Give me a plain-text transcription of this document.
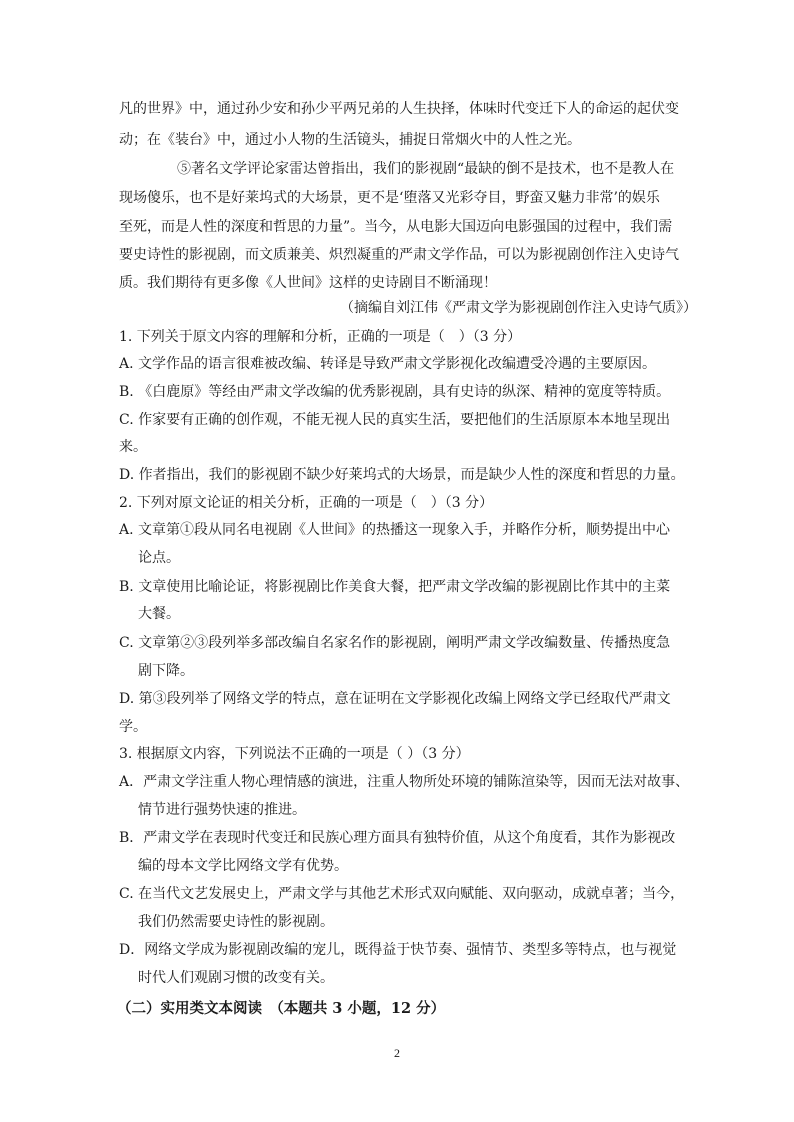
凡的世界》中，通过孙少安和孙少平两兄弟的人生抉择，体味时代变迁下人的命运的起伏变
动；在《装台》中，通过小人物的生活镜头，捕捉日常烟火中的人性之光。
⑤著名文学评论家雷达曾指出，我们的影视剧“最缺的倒不是技术，也不是教人在
现场傻乐，也不是好莱坞式的大场景，更不是‘堕落又光彩夺目，野蛮又魅力非常’的娱乐
至死，而是人性的深度和哲思的力量”。当今，从电影大国迈向电影强国的过程中，我们需
要史诗性的影视剧，而文质兼美、炽烈凝重的严肃文学作品，可以为影视剧创作注入史诗气
质。我们期待有更多像《人世间》这样的史诗剧目不断涌现！
（摘编自刘江伟《严肃文学为影视剧创作注入史诗气质》）
1. 下列关于原文内容的理解和分析，正确的一项是（　）（3 分）
A. 文学作品的语言很难被改编、转译是导致严肃文学影视化改编遭受冷遇的主要原因。
B. 《白鹿原》等经由严肃文学改编的优秀影视剧，具有史诗的纵深、精神的宽度等特质。
C. 作家要有正确的创作观，不能无视人民的真实生活，要把他们的生活原原本本地呈现出
来。
D. 作者指出，我们的影视剧不缺少好莱坞式的大场景，而是缺少人性的深度和哲思的力量。
2. 下列对原文论证的相关分析，正确的一项是（　）（3 分）
A. 文章第①段从同名电视剧《人世间》的热播这一现象入手，并略作分析，顺势提出中心
论点。
B. 文章使用比喻论证，将影视剧比作美食大餐，把严肃文学改编的影视剧比作其中的主菜
大餐。
C. 文章第②③段列举多部改编自名家名作的影视剧，阐明严肃文学改编数量、传播热度急
剧下降。
D. 第③段列举了网络文学的特点，意在证明在文学影视化改编上网络文学已经取代严肃文
学。
3. 根据原文内容，下列说法不正确的一项是（ ）（3 分）
A．严肃文学注重人物心理情感的演进，注重人物所处环境的铺陈渲染等，因而无法对故事、
情节进行强势快速的推进。
B．严肃文学在表现时代变迁和民族心理方面具有独特价值，从这个角度看，其作为影视改
编的母本文学比网络文学有优势。
C. 在当代文艺发展史上，严肃文学与其他艺术形式双向赋能、双向驱动，成就卓著；当今，
我们仍然需要史诗性的影视剧。
D．网络文学成为影视剧改编的宠儿，既得益于快节奏、强情节、类型多等特点，也与视觉
时代人们观剧习惯的改变有关。
（二）实用类文本阅读　（本题共 3 小题，12 分）
2
